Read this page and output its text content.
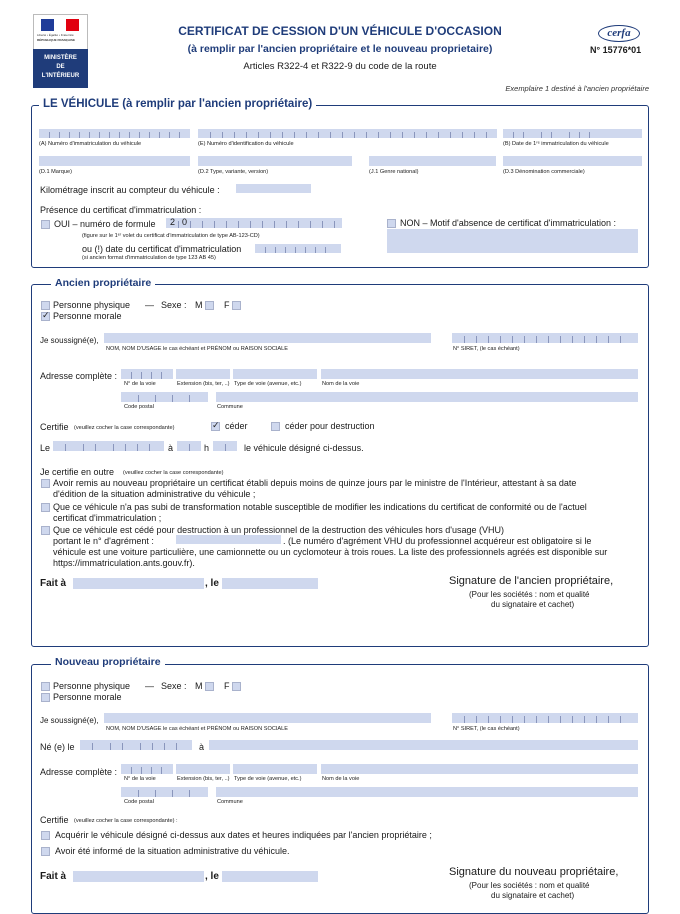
Liberté • Égalité • Fraternité
RÉPUBLIQUE FRANÇAISE
MINISTÈRE
DE
L'INTÉRIEUR
CERTIFICAT DE CESSION D'UN VÉHICULE D'OCCASION
(à remplir par l'ancien propriétaire et le nouveau proprietaire)
Articles R322-4 et R322-9 du code de la route
cerfa
N° 15776*01
Exemplaire 1 destiné à l'ancien propriétaire
LE VÉHICULE (à remplir par l'ancien propriétaire)
(A) Numéro d'immatriculation du véhicule	(E) Numéro d'identification du véhicule	(B) Date de 1ʳᵉ immatriculation du véhicule
(D.1 Marque)	(D.2 Type, variante, version)	(J.1 Genre national)	(D.3 Dénomination commerciale)
Kilométrage inscrit au compteur du véhicule :
Présence du certificat d'immatriculation :
OUI – numéro de formule 2 0
(figure sur le 1ᵉʳ volet du certificat d'immatriculation de type AB-123-CD)
ou (!) date du certificat d'immatriculation
(si ancien format d'immatriculation de type 123 AB 45)
NON – Motif d'absence de certificat d'immatriculation :
Ancien propriétaire
Personne physique — Sexe : M F
✓ Personne morale
Je soussigné(e),
NOM, NOM D'USAGE le cas échéant et PRÉNOM ou RAISON SOCIALE	N° SIRET, (le cas échéant)
Adresse complète :
N° de la voie	Extension (bis, ter, ..) Type de voie (avenue, etc.)	Nom de la voie
Code postal	Commune
Certifie (veuillez cocher la case correspondante)	✓ céder	céder pour destruction
Le	à	h	le véhicule désigné ci-dessus.
Je certifie en outre (veuillez cocher la case correspondante)
Avoir remis au nouveau propriétaire un certificat établi depuis moins de quinze jours par le ministre de l'Intérieur, attestant à sa date
d'édition de la situation administrative du véhicule ;
Que ce véhicule n'a pas subi de transformation notable susceptible de modifier les indications du certificat de conformité ou de l'actuel
certificat d'immatriculation ;
Que ce véhicule est cédé pour destruction à un professionnel de la destruction des véhicules hors d'usage (VHU)
portant le n° d'agrément :	. (Le numéro d'agrément VHU du professionnel acquéreur est obligatoire si le
véhicule est une voiture particulière, une camionnette ou un cyclomoteur à trois roues. La liste des professionnels agréés est disponible sur
https://immatriculation.ants.gouv.fr).
Fait à	, le	Signature de l'ancien propriétaire,
(Pour les sociétés : nom et qualité
du signataire et cachet)
Nouveau propriétaire
Personne physique — Sexe : M F
Personne morale
Je soussigné(e),
NOM, NOM D'USAGE le cas échéant et PRÉNOM ou RAISON SOCIALE	N° SIRET, (le cas échéant)
Né (e) le	à
Adresse complète :
N° de la voie	Extension (bis, ter, ..) Type de voie (avenue, etc.)	Nom de la voie
Code postal	Commune
Certifie (veuillez cocher la case correspondante) :
Acquérir le véhicule désigné ci-dessus aux dates et heures indiquées par l'ancien propriétaire ;
Avoir été informé de la situation administrative du véhicule.
Fait à	, le	Signature du nouveau propriétaire,
(Pour les sociétés : nom et qualité
du signataire et cachet)
